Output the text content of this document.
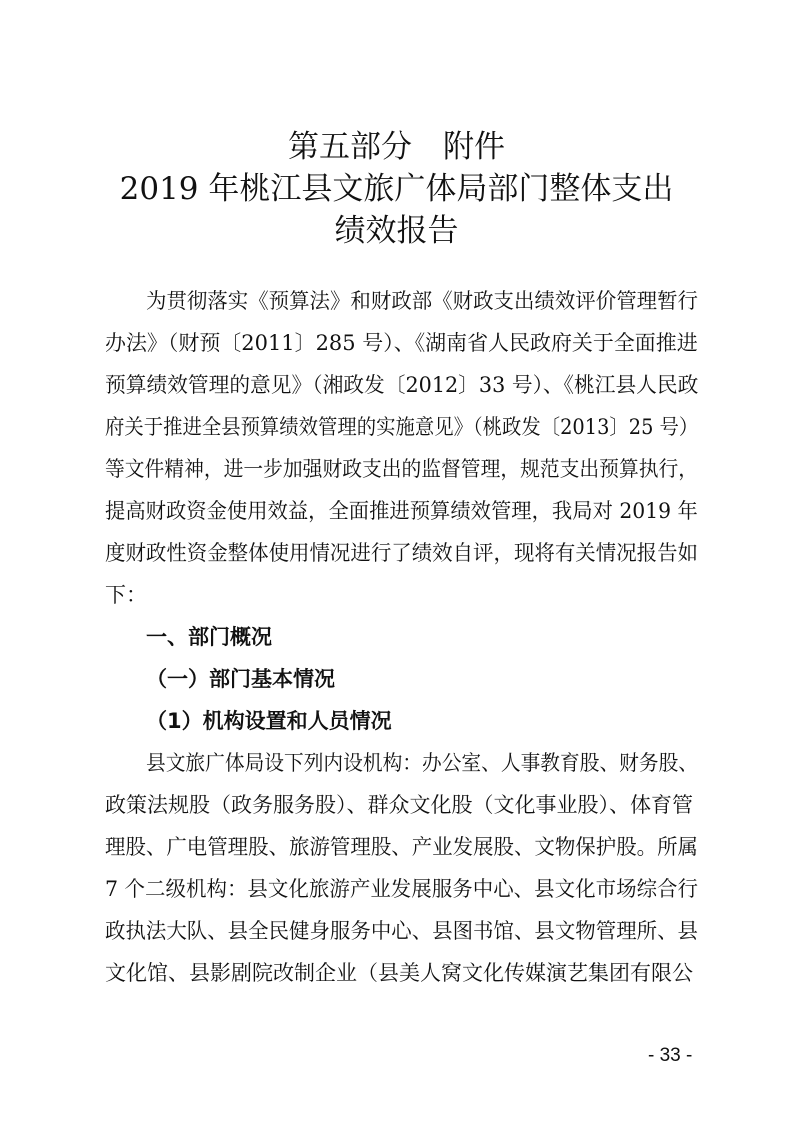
第五部分　附件
2019 年桃江县文旅广体局部门整体支出
绩效报告
为贯彻落实《预算法》和财政部《财政支出绩效评价管理暂行
办法》（财预〔2011〕285 号）、《湖南省人民政府关于全面推进
预算绩效管理的意见》（湘政发〔2012〕33 号）、《桃江县人民政
府关于推进全县预算绩效管理的实施意见》（桃政发〔2013〕25 号）
等文件精神，进一步加强财政支出的监督管理，规范支出预算执行，
提高财政资金使用效益，全面推进预算绩效管理，我局对 2019 年
度财政性资金整体使用情况进行了绩效自评，现将有关情况报告如
下：
一、部门概况
（一）部门基本情况
（1）机构设置和人员情况
县文旅广体局设下列内设机构：办公室、人事教育股、财务股、
政策法规股（政务服务股）、群众文化股（文化事业股）、体育管
理股、广电管理股、旅游管理股、产业发展股、文物保护股。所属
7 个二级机构：县文化旅游产业发展服务中心、县文化市场综合行
政执法大队、县全民健身服务中心、县图书馆、县文物管理所、县
文化馆、县影剧院改制企业（县美人窝文化传媒演艺集团有限公
- 33 -
